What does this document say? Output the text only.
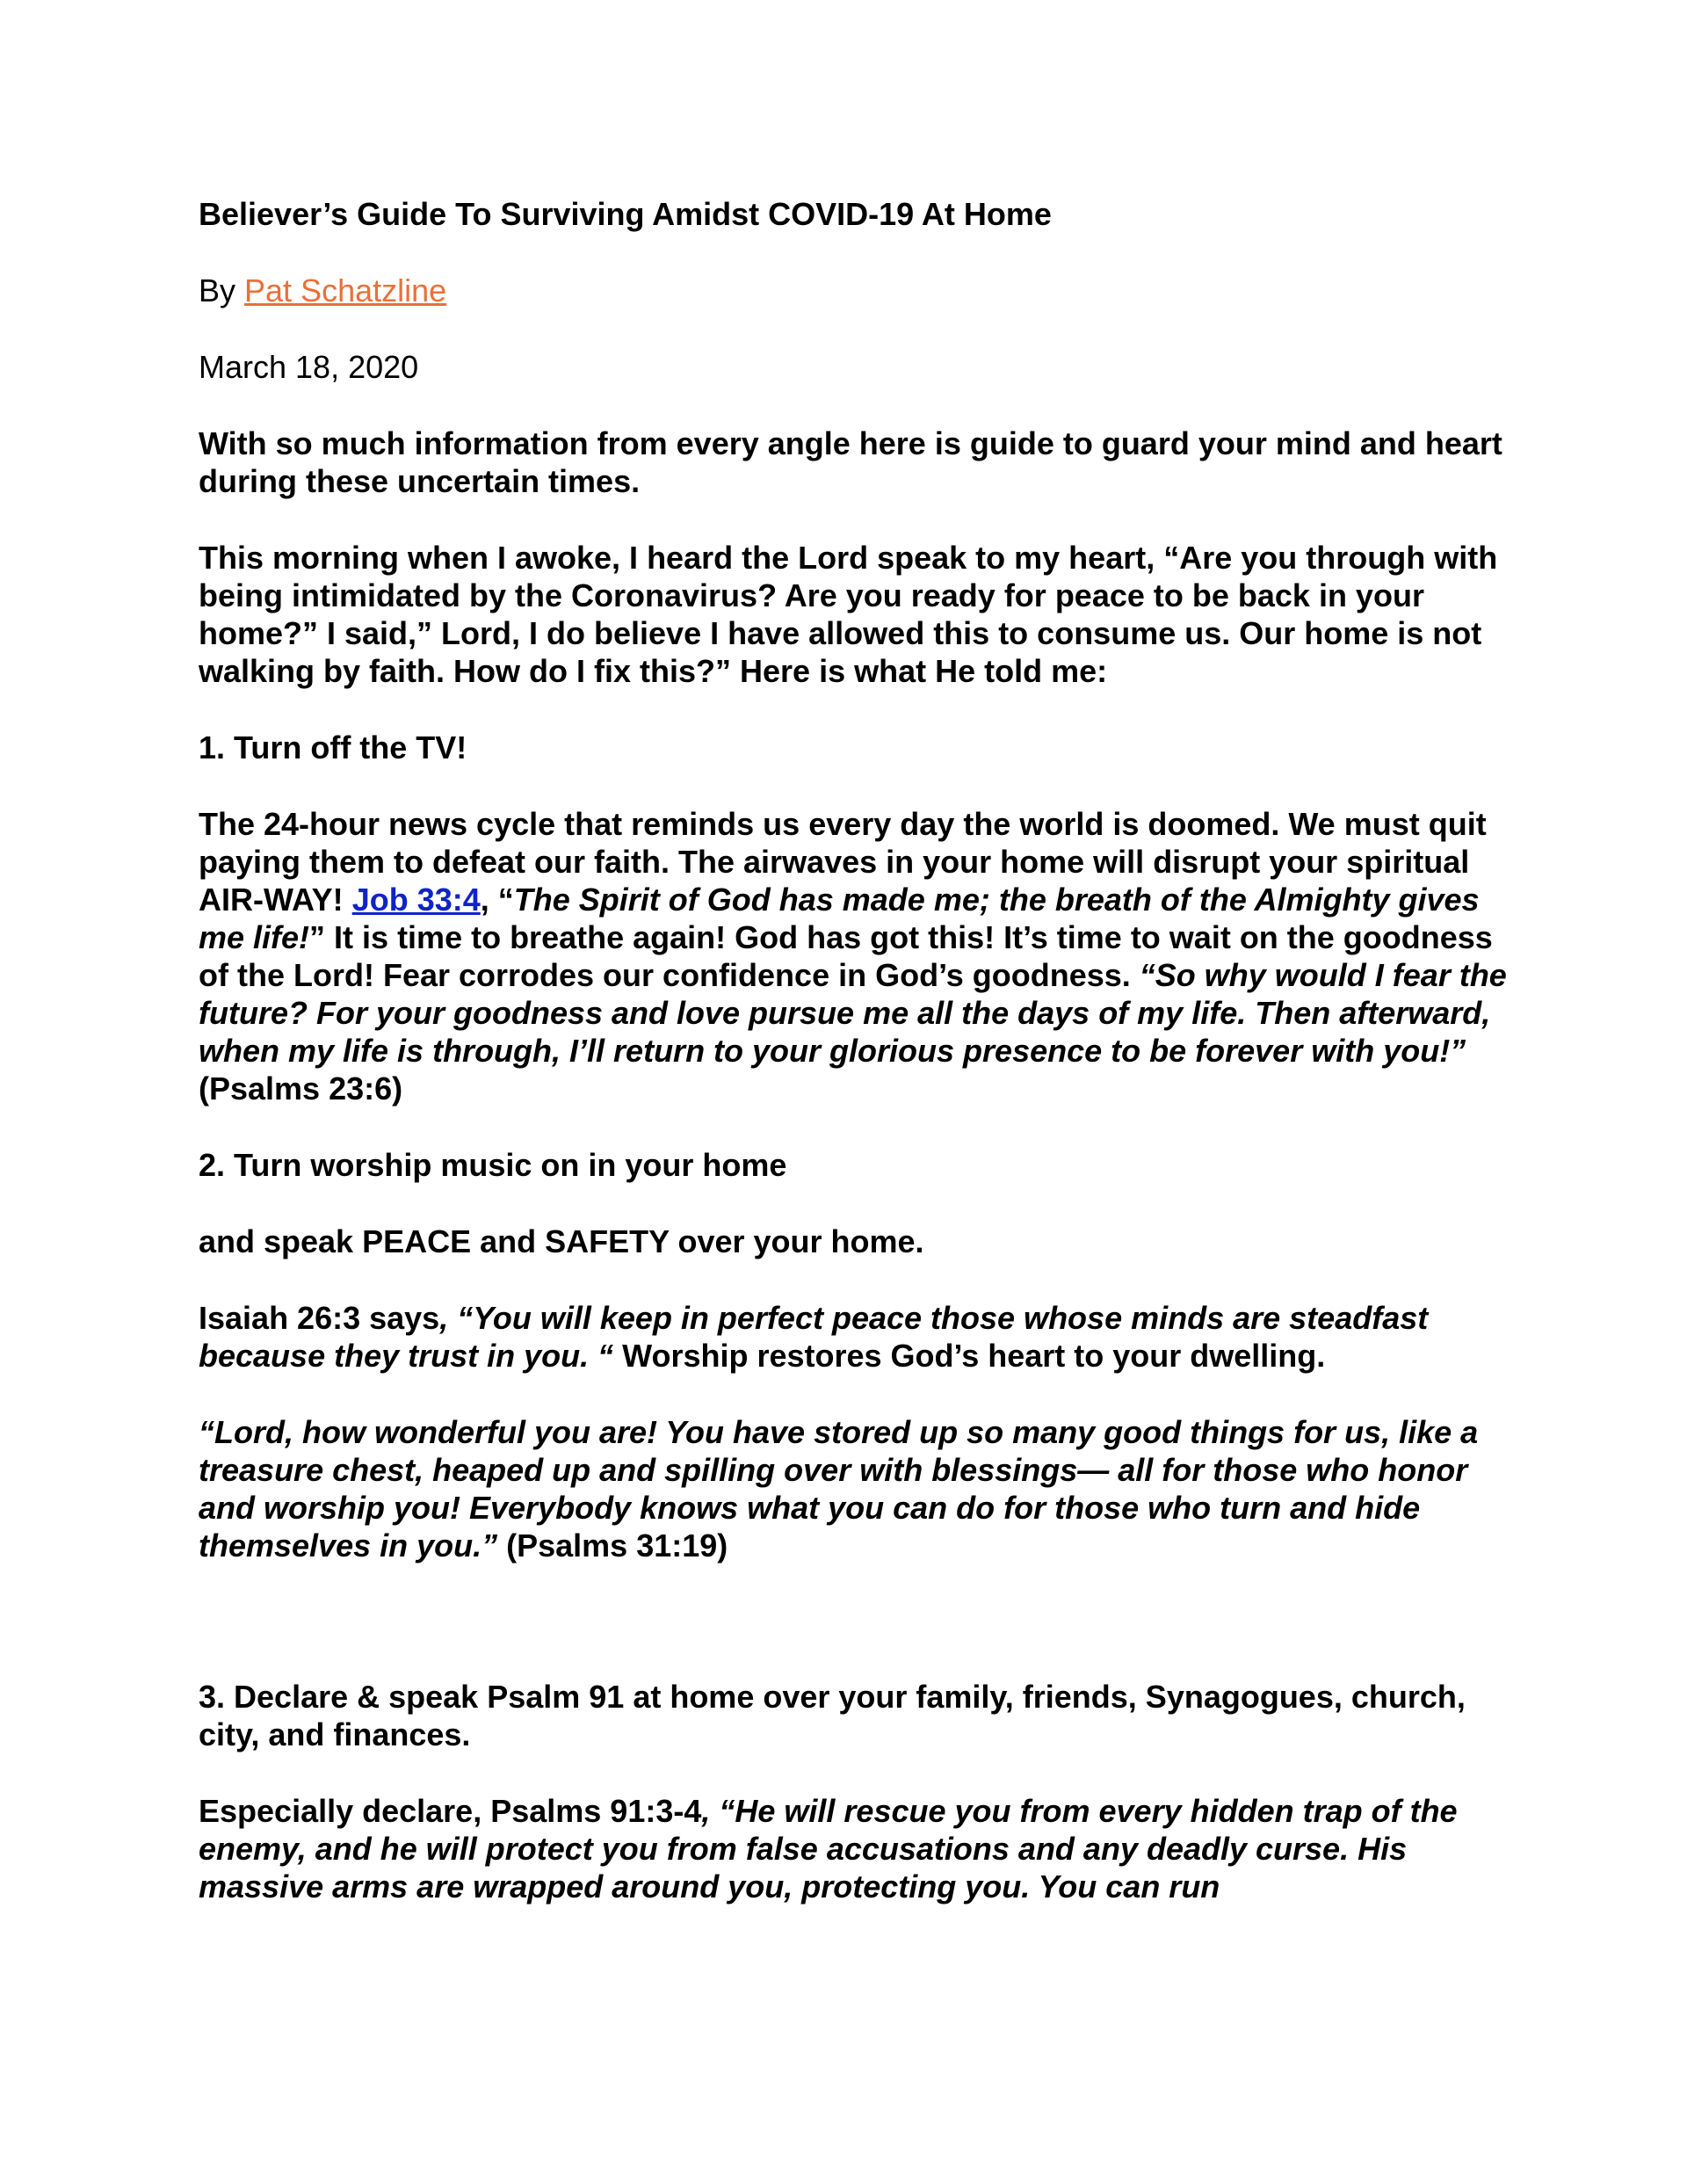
Believer’s Guide To Surviving Amidst COVID-19 At Home

By Pat Schatzline

March 18, 2020

With so much information from every angle here is guide to guard your mind and heart during these uncertain times.

This morning when I awoke, I heard the Lord speak to my heart, “Are you through with being intimidated by the Coronavirus? Are you ready for peace to be back in your home?” I said,” Lord, I do believe I have allowed this to consume us. Our home is not walking by faith. How do I fix this?” Here is what He told me:

1. Turn off the TV!

The 24-hour news cycle that reminds us every day the world is doomed. We must quit paying them to defeat our faith. The airwaves in your home will disrupt your spiritual AIR-WAY! Job 33:4, “The Spirit of God has made me; the breath of the Almighty gives me life!” It is time to breathe again! God has got this! It’s time to wait on the goodness of the Lord! Fear corrodes our confidence in God’s goodness. “So why would I fear the future? For your goodness and love pursue me all the days of my life. Then afterward, when my life is through, I’ll return to your glorious presence to be forever with you!” (Psalms 23:6)

2. Turn worship music on in your home

and speak PEACE and SAFETY over your home.

Isaiah 26:3 says, “You will keep in perfect peace those whose minds are steadfast because they trust in you. “ Worship restores God’s heart to your dwelling.

“Lord, how wonderful you are! You have stored up so many good things for us, like a treasure chest, heaped up and spilling over with blessings— all for those who honor and worship you! Everybody knows what you can do for those who turn and hide themselves in you.” (Psalms 31:19)

3. Declare & speak Psalm 91 at home over your family, friends, Synagogues, church, city, and finances.

Especially declare, Psalms 91:3-4, “He will rescue you from every hidden trap of the enemy, and he will protect you from false accusations and any deadly curse. His massive arms are wrapped around you, protecting you. You can run
